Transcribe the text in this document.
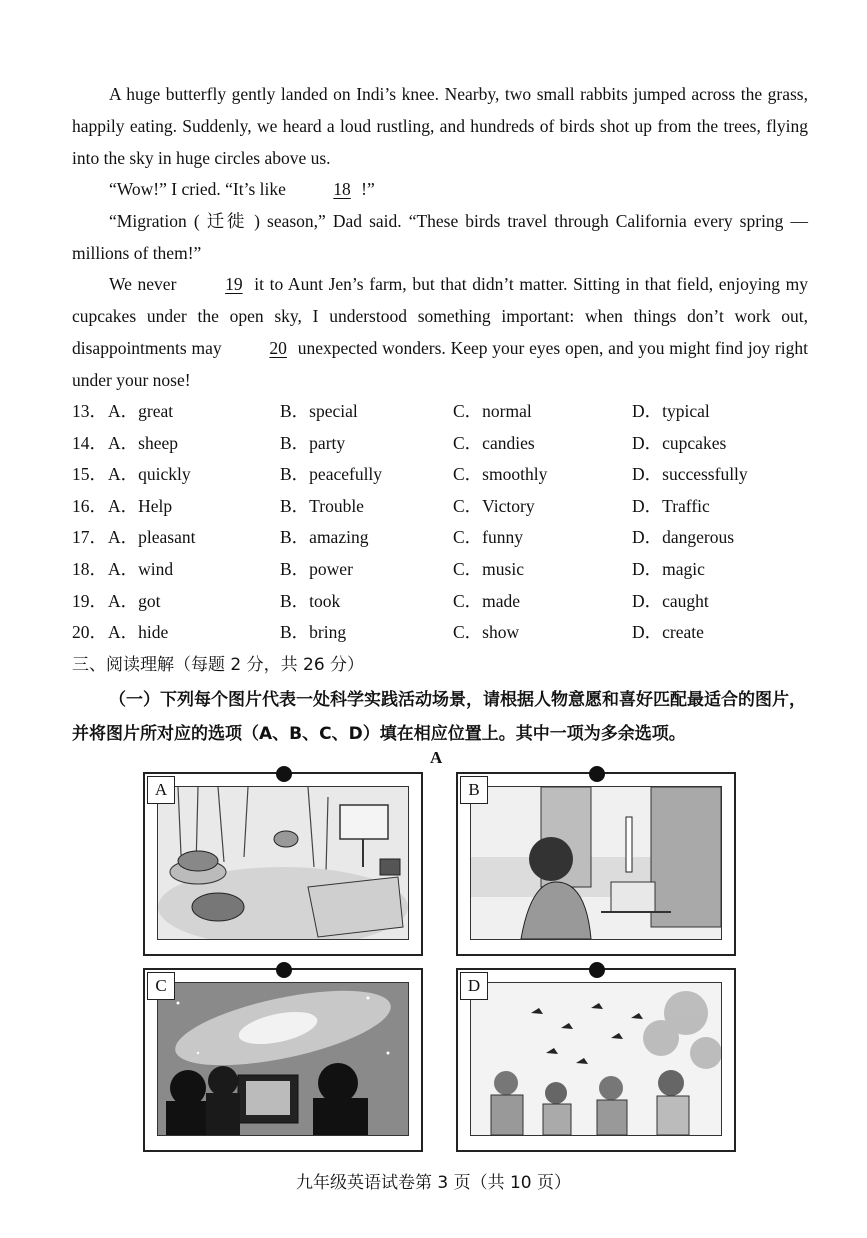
A huge butterfly gently landed on Indi’s knee. Nearby, two small rabbits jumped across the grass, happily eating. Suddenly, we heard a loud rustling, and hundreds of birds shot up from the trees, flying into the sky in huge circles above us.

“Wow!” I cried. “It’s like	18 !”

“Migration ( 迁徙 ) season,” Dad said. “These birds travel through California every spring — millions of them!”

We never	19 it to Aunt Jen’s farm, but that didn’t matter. Sitting in that field, enjoying my cupcakes under the open sky, I understood something important: when things don’t work out, disappointments may	20 unexpected wonders. Keep your eyes open, and you might find joy right under your nose!

13． A．great	B．special	C．normal	D．typical
14． A．sheep	B．party	C．candies	D．cupcakes
15． A．quickly	B．peacefully	C．smoothly	D．successfully
16． A．Help	B．Trouble	C．Victory	D．Traffic
17． A．pleasant	B．amazing	C．funny	D．dangerous
18． A．wind	B．power	C．music	D．magic
19． A．got	B．took	C．made	D．caught
20． A．hide	B．bring	C．show	D．create
三、阅读理解（每题 2 分，共 26 分）

（一）下列每个图片代表一处科学实践活动场景，请根据人物意愿和喜好匹配最适合的图片，并将图片所对应的选项（A、B、C、D）填在相应位置上。其中一项为多余选项。

A
A	B
C	D
九年级英语试卷第 3 页（共 10 页）
